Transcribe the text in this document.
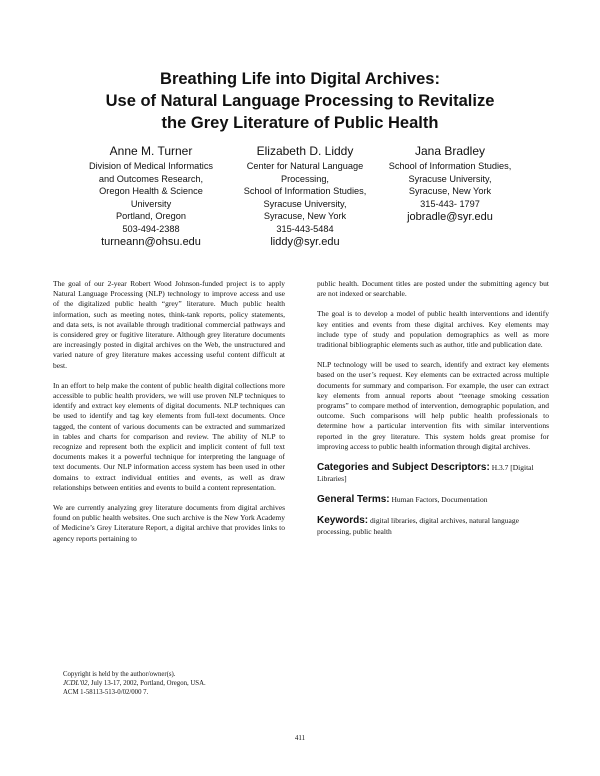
Breathing Life into Digital Archives:
Use of Natural Language Processing to Revitalize
the Grey Literature of Public Health
Anne M. Turner
Division of Medical Informatics
and Outcomes Research,
Oregon Health & Science
University
Portland, Oregon
503-494-2388
turneann@ohsu.edu
Elizabeth D. Liddy
Center for Natural Language
Processing,
School of Information Studies,
Syracuse University,
Syracuse, New York
315-443-5484
liddy@syr.edu
Jana Bradley
School of Information Studies,
Syracuse University,
Syracuse, New York
315-443- 1797
jobradle@syr.edu

The goal of our 2-year Robert Wood Johnson-funded project is to apply Natural Language Processing (NLP) technology to improve access and use of the digitalized public health “grey” literature. Much public health information, such as meeting notes, think-tank reports, policy statements, and data sets, is not available through traditional commercial pathways and is considered grey or fugitive literature. Although grey literature documents are increasingly posted in digital archives on the Web, the unstructured and varied nature of grey literature makes accessing useful content difficult at best.

In an effort to help make the content of public health digital collections more accessible to public health providers, we will use proven NLP techniques to identify and extract key elements of digital documents. NLP techniques can be used to identify and tag key elements from full-text documents. Once tagged, the content of various documents can be extracted and summarized in tables and charts for comparison and review. The ability of NLP to recognize and represent both the explicit and implicit content of full text documents makes it a powerful technique for interpreting the language of text documents. Our NLP information access system has been used in other domains to extract individual entities and events, as well as draw relationships between entities and events to build a content representation.

We are currently analyzing grey literature documents from digital archives found on public health websites. One such archive is the New York Academy of Medicine’s Grey Literature Report, a digital archive that provides links to agency reports pertaining to

public health. Document titles are posted under the submitting agency but are not indexed or searchable.

The goal is to develop a model of public health interventions and identify key entities and events from these digital archives. Key elements may include type of study and population demographics as well as more traditional bibliographic elements such as author, title and publication date.

NLP technology will be used to search, identify and extract key elements based on the user’s request. Key elements can be extracted across multiple documents for summary and comparison. For example, the user can extract key elements from annual reports about “teenage smoking cessation programs” to compare method of intervention, demographic population, and outcome. Such comparisons will help public health professionals to determine how a particular intervention fits with similar interventions reported in the grey literature. This system holds great promise for improving access to public health information through digital archives.

Categories and Subject Descriptors: H.3.7 [Digital Libraries]

General Terms: Human Factors, Documentation

Keywords: digital libraries, digital archives, natural language processing, public health

Copyright is held by the author/owner(s).
JCDL'02, July 13-17, 2002, Portland, Oregon, USA.
ACM 1-58113-513-0/02/000 7.
411
